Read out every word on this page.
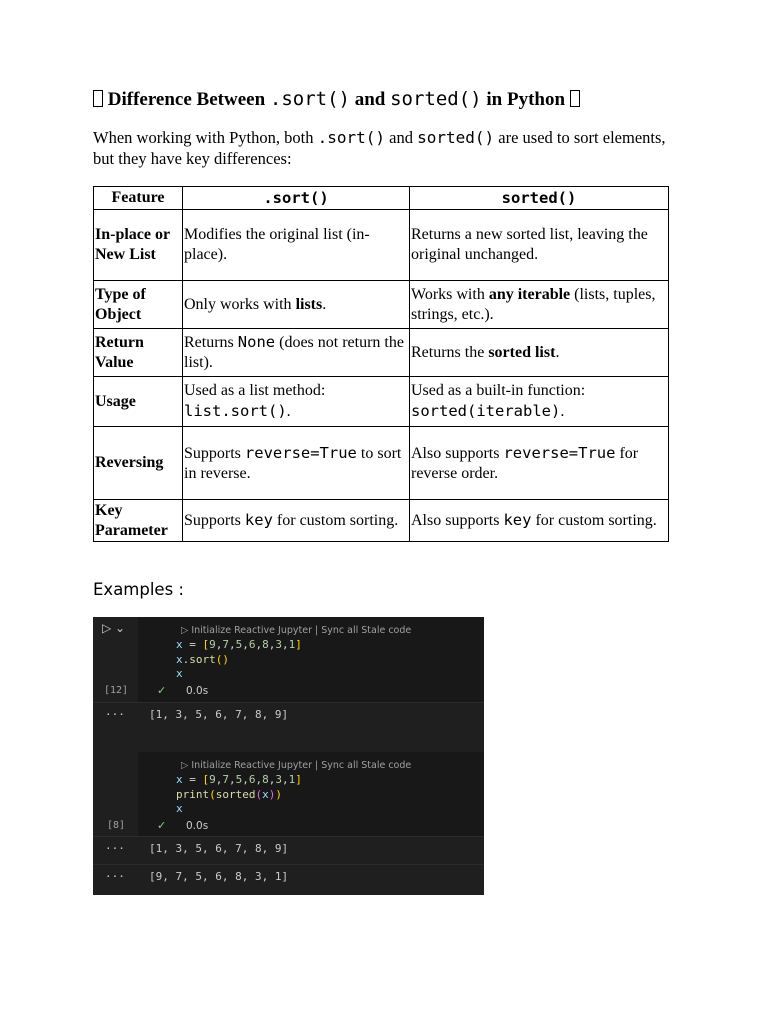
Difference Between .sort() and sorted() in Python
When working with Python, both .sort() and sorted() are used to sort elements, but they have key differences:
Feature	.sort()	sorted()
In-place or New List	Modifies the original list (in-place).	Returns a new sorted list, leaving the original unchanged.
Type of Object	Only works with lists.	Works with any iterable (lists, tuples, strings, etc.).
Return Value	Returns None (does not return the list).	Returns the sorted list.
Usage	Used as a list method: list.sort().	Used as a built-in function: sorted(iterable).
Reversing	Supports reverse=True to sort in reverse.	Also supports reverse=True for reverse order.
Key Parameter	Supports key for custom sorting.	Also supports key for custom sorting.
Examples :
▷ ⌄	▷ Initialize Reactive Jupyter | Sync all Stale code
x = [9,7,5,6,8,3,1]
x.sort()
x
[12]	✓ 0.0s
··· [1, 3, 5, 6, 7, 8, 9]
▷ Initialize Reactive Jupyter | Sync all Stale code
x = [9,7,5,6,8,3,1]
print(sorted(x))
x
[8]	✓ 0.0s
··· [1, 3, 5, 6, 7, 8, 9]
··· [9, 7, 5, 6, 8, 3, 1]
